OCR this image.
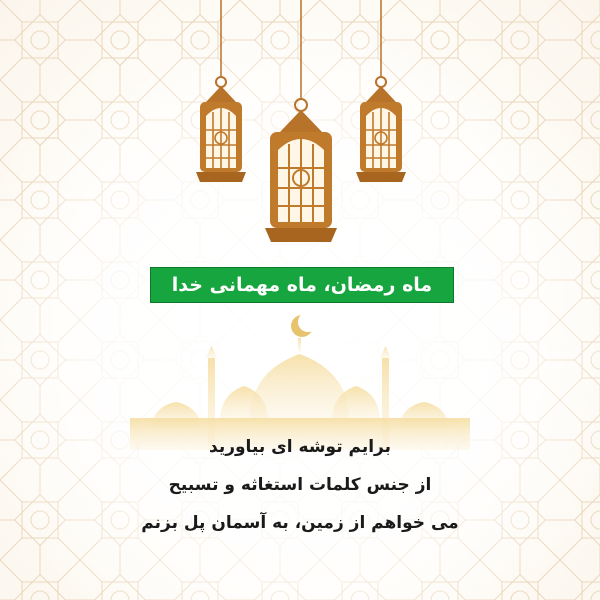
ماه رمضان، ماه مهمانی خدا
برایم توشه ای بیاورید
از جنس کلمات استغاثه و تسبیح
می خواهم از زمین، به آسمان پل بزنم
